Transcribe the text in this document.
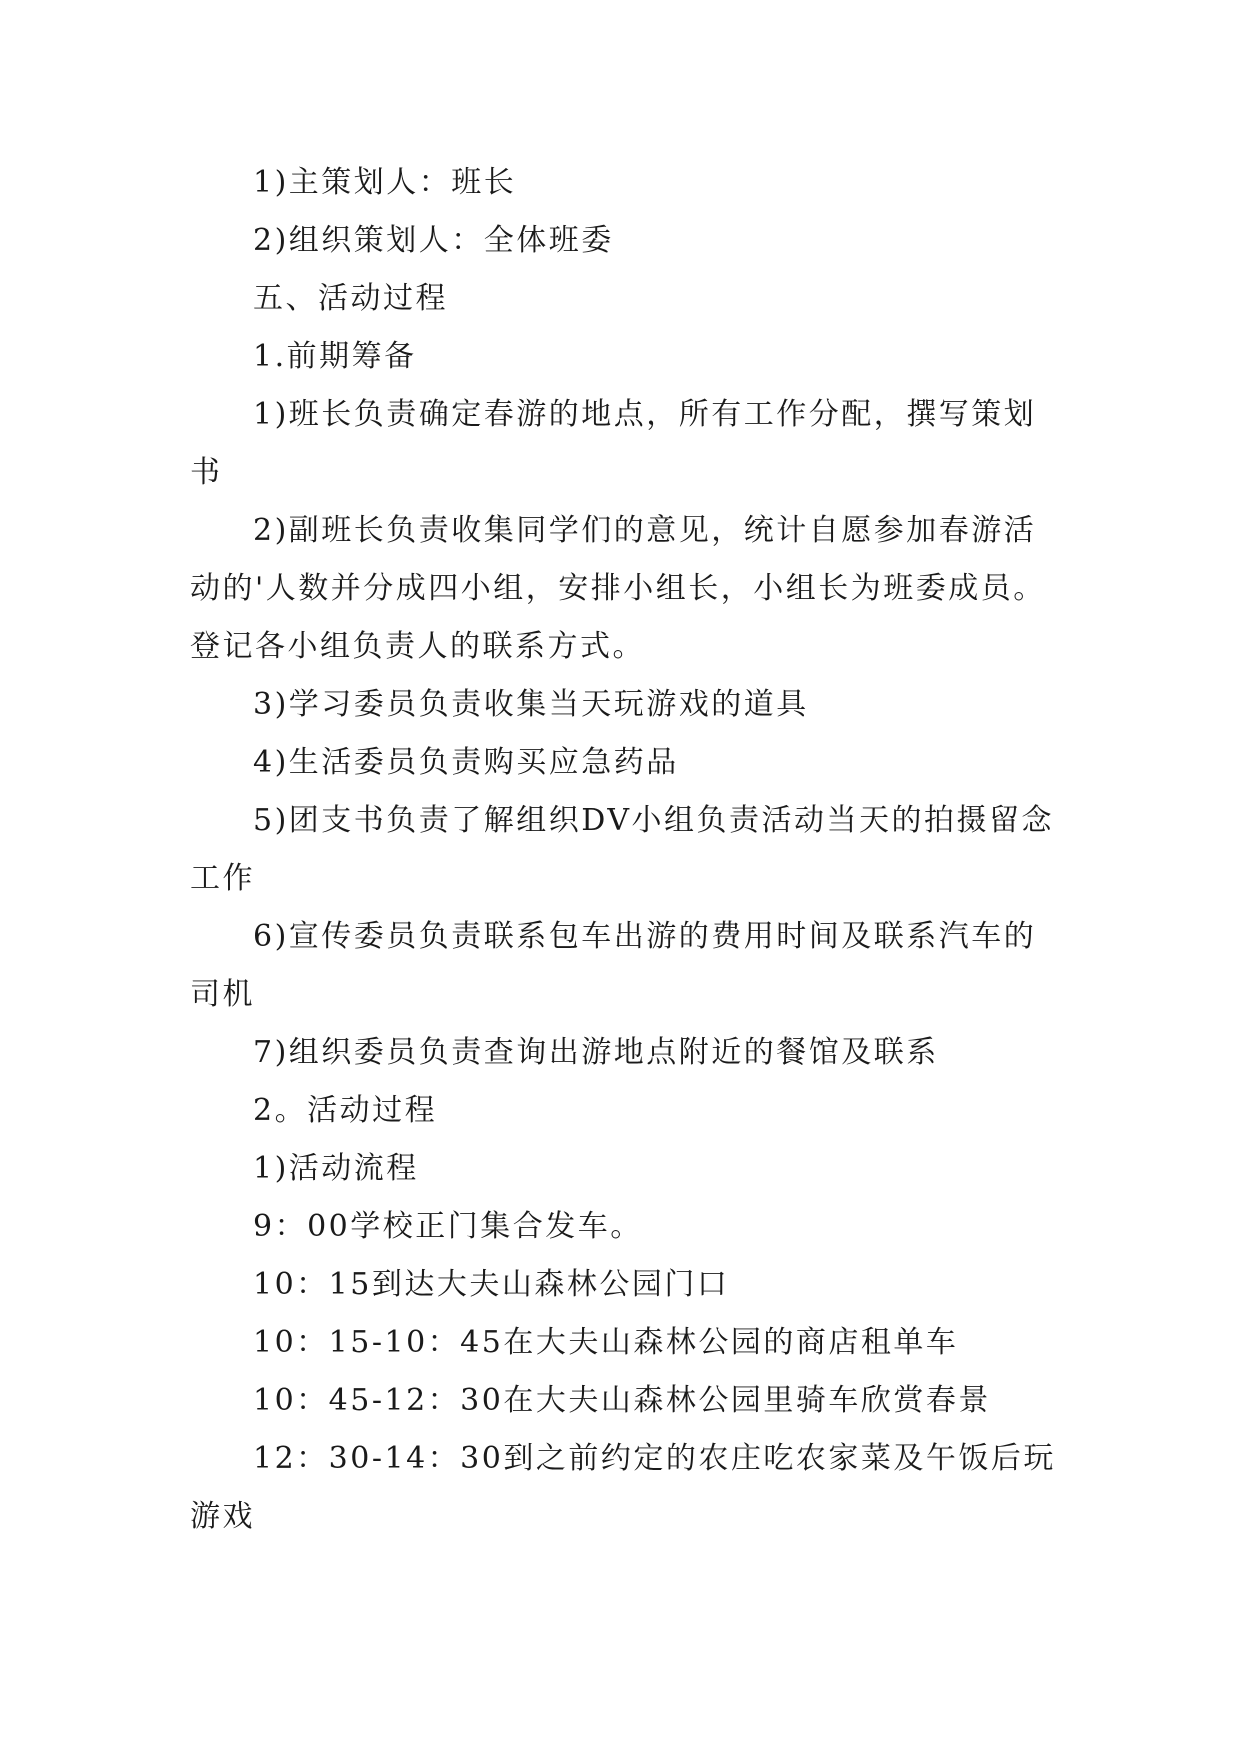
1)主策划人：班长

2)组织策划人：全体班委

五、活动过程

1.前期筹备

1)班长负责确定春游的地点，所有工作分配，撰写策划书

2)副班长负责收集同学们的意见，统计自愿参加春游活动的'人数并分成四小组，安排小组长，小组长为班委成员。登记各小组负责人的联系方式。

3)学习委员负责收集当天玩游戏的道具

4)生活委员负责购买应急药品

5)团支书负责了解组织DV小组负责活动当天的拍摄留念工作

6)宣传委员负责联系包车出游的费用时间及联系汽车的司机

7)组织委员负责查询出游地点附近的餐馆及联系

2。活动过程

1)活动流程

9：00学校正门集合发车。

10：15到达大夫山森林公园门口

10：15-10：45在大夫山森林公园的商店租单车

10：45-12：30在大夫山森林公园里骑车欣赏春景

12：30-14：30到之前约定的农庄吃农家菜及午饭后玩游戏
